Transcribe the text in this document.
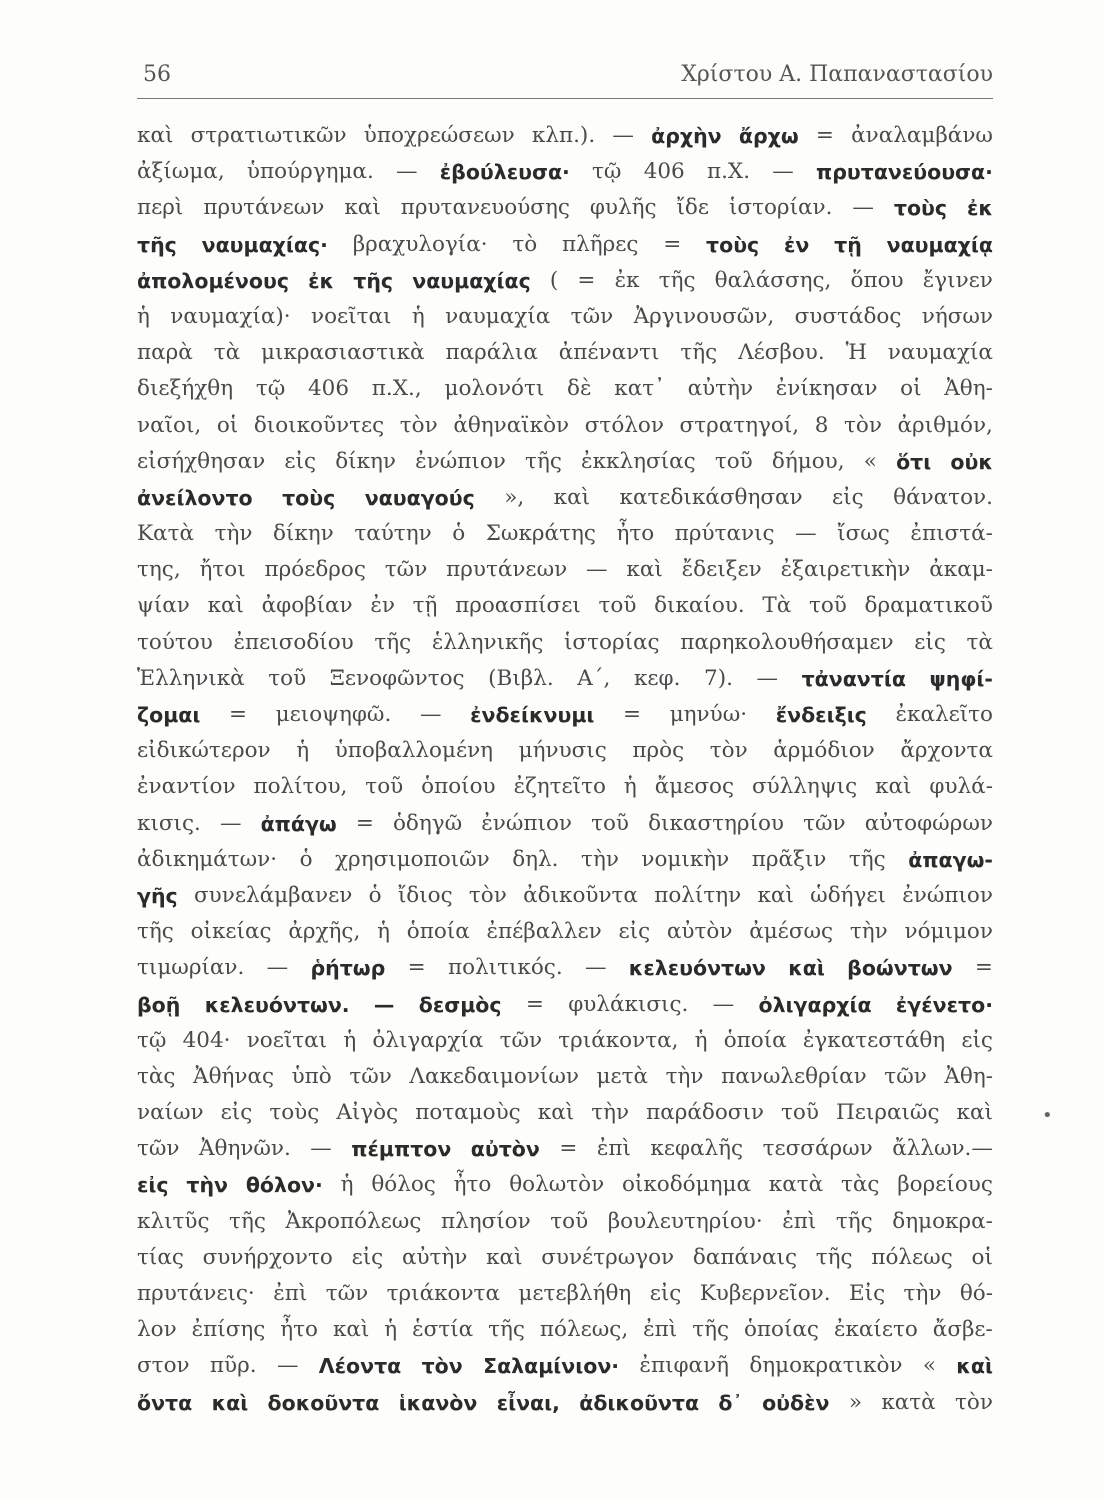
56	Χρίστου Α. Παπαναστασίου
καὶ στρατιωτικῶν ὑποχρεώσεων κλπ.). — ἀρχὴν ἄρχω = ἀναλαμβάνω
ἀξίωμα, ὑπούργημα. — ἐβούλευσα· τῷ 406 π.Χ. — πρυτανεύουσα·
περὶ πρυτάνεων καὶ πρυτανευούσης φυλῆς ἴδε ἱστορίαν. — τοὺς ἐκ
τῆς ναυμαχίας· βραχυλογία· τὸ πλῆρες = τοὺς ἐν τῇ ναυμαχίᾳ
ἀπολομένους ἐκ τῆς ναυμαχίας ( = ἐκ τῆς θαλάσσης, ὅπου ἔγινεν
ἡ ναυμαχία)· νοεῖται ἡ ναυμαχία τῶν Ἀργινουσῶν, συστάδος νήσων
παρὰ τὰ μικρασιαστικὰ παράλια ἀπέναντι τῆς Λέσβου. Ἡ ναυμαχία
διεξήχθη τῷ 406 π.Χ., μολονότι δὲ κατ᾽ αὐτὴν ἐνίκησαν οἱ Ἀθη-
ναῖοι, οἱ διοικοῦντες τὸν ἀθηναϊκὸν στόλον στρατηγοί, 8 τὸν ἀριθμόν,
εἰσήχθησαν εἰς δίκην ἐνώπιον τῆς ἐκκλησίας τοῦ δήμου, « ὅτι οὐκ
ἀνείλοντο τοὺς ναυαγούς », καὶ κατεδικάσθησαν εἰς θάνατον.
Κατὰ τὴν δίκην ταύτην ὁ Σωκράτης ἦτο πρύτανις — ἴσως ἐπιστά-
της, ἤτοι πρόεδρος τῶν πρυτάνεων — καὶ ἔδειξεν ἐξαιρετικὴν ἀκαμ-
ψίαν καὶ ἀφοβίαν ἐν τῇ προασπίσει τοῦ δικαίου. Τὰ τοῦ δραματικοῦ
τούτου ἐπεισοδίου τῆς ἑλληνικῆς ἱστορίας παρηκολουθήσαμεν εἰς τὰ
Ἑλληνικὰ τοῦ Ξενοφῶντος (Βιβλ. Α΄, κεφ. 7). — τἀναντία ψηφί-
ζομαι = μειοψηφῶ. — ἐνδείκνυμι = μηνύω· ἔνδειξις ἐκαλεῖτο
εἰδικώτερον ἡ ὑποβαλλομένη μήνυσις πρὸς τὸν ἁρμόδιον ἄρχοντα
ἐναντίον πολίτου, τοῦ ὁποίου ἐζητεῖτο ἡ ἄμεσος σύλληψις καὶ φυλά-
κισις. — ἀπάγω = ὁδηγῶ ἐνώπιον τοῦ δικαστηρίου τῶν αὐτοφώρων
ἀδικημάτων· ὁ χρησιμοποιῶν δηλ. τὴν νομικὴν πρᾶξιν τῆς ἀπαγω-
γῆς συνελάμβανεν ὁ ἴδιος τὸν ἀδικοῦντα πολίτην καὶ ὡδήγει ἐνώπιον
τῆς οἰκείας ἀρχῆς, ἡ ὁποία ἐπέβαλλεν εἰς αὐτὸν ἀμέσως τὴν νόμιμον
τιμωρίαν. — ῥήτωρ = πολιτικός. — κελευόντων καὶ βοώντων =
βοῇ κελευόντων. — δεσμὸς = φυλάκισις. — ὀλιγαρχία ἐγένετο·
τῷ 404· νοεῖται ἡ ὀλιγαρχία τῶν τριάκοντα, ἡ ὁποία ἐγκατεστάθη εἰς
τὰς Ἀθήνας ὑπὸ τῶν Λακεδαιμονίων μετὰ τὴν πανωλεθρίαν τῶν Ἀθη-
ναίων εἰς τοὺς Αἰγὸς ποταμοὺς καὶ τὴν παράδοσιν τοῦ Πειραιῶς καὶ
τῶν Ἀθηνῶν. — πέμπτον αὐτὸν = ἐπὶ κεφαλῆς τεσσάρων ἄλλων.—
εἰς τὴν θόλον· ἡ θόλος ἦτο θολωτὸν οἰκοδόμημα κατὰ τὰς βορείους
κλιτῦς τῆς Ἀκροπόλεως πλησίον τοῦ βουλευτηρίου· ἐπὶ τῆς δημοκρα-
τίας συνήρχοντο εἰς αὐτὴν καὶ συνέτρωγον δαπάναις τῆς πόλεως οἱ
πρυτάνεις· ἐπὶ τῶν τριάκοντα μετεβλήθη εἰς Κυβερνεῖον. Εἰς τὴν θό-
λον ἐπίσης ἦτο καὶ ἡ ἑστία τῆς πόλεως, ἐπὶ τῆς ὁποίας ἐκαίετο ἄσβε-
στον πῦρ. — Λέοντα τὸν Σαλαμίνιον· ἐπιφανῆ δημοκρατικὸν « καὶ
ὄντα καὶ δοκοῦντα ἱκανὸν εἶναι, ἀδικοῦντα δ᾽ οὐδὲν » κατὰ τὸν
•
